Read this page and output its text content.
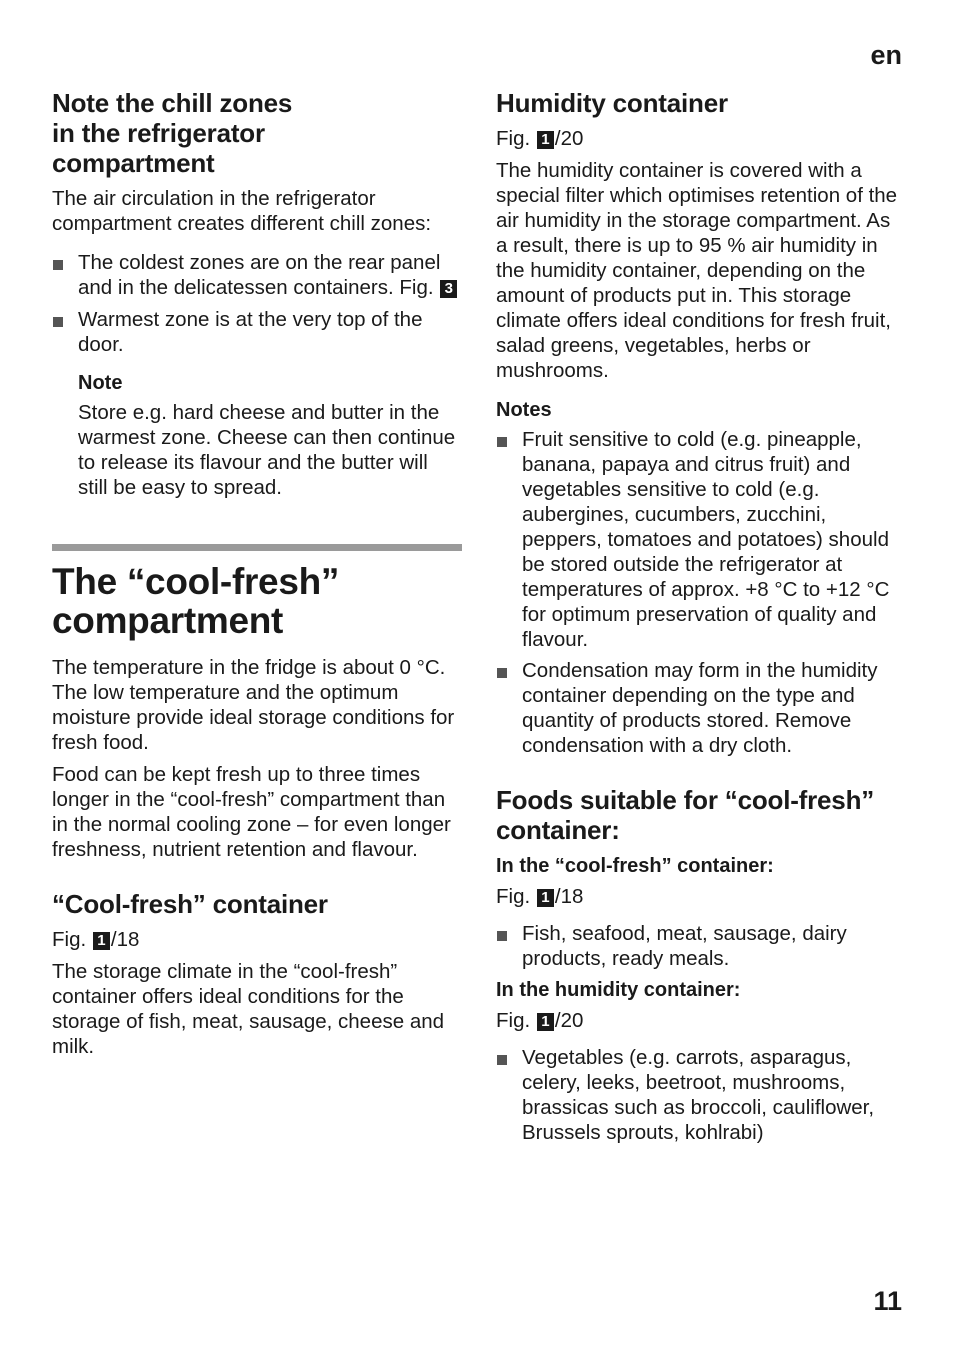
en
Note the chill zones
in the refrigerator
compartment

The air circulation in the refrigerator compartment creates different chill zones:

The coldest zones are on the rear panel and in the delicatessen containers. Fig. 3
Warmest zone is at the very top of the door.
Note

Store e.g. hard cheese and butter in the warmest zone. Cheese can then continue to release its flavour and the butter will still be easy to spread.

The “cool-fresh”
compartment

The temperature in the fridge is about 0 °C. The low temperature and the optimum moisture provide ideal storage conditions for fresh food.

Food can be kept fresh up to three times longer in the “cool-fresh” compartment than in the normal cooling zone – for even longer freshness, nutrient retention and flavour.

“Cool-fresh” container

Fig. 1 /18

The storage climate in the “cool-fresh” container offers ideal conditions for the storage of fish, meat, sausage, cheese and milk.

Humidity container

Fig. 1 /20

The humidity container is covered with a special filter which optimises retention of the air humidity in the storage compartment. As a result, there is up to 95 % air humidity in the humidity container, depending on the amount of products put in. This storage climate offers ideal conditions for fresh fruit, salad greens, vegetables, herbs or mushrooms.

Notes
Fruit sensitive to cold (e.g. pineapple, banana, papaya and citrus fruit) and vegetables sensitive to cold (e.g. aubergines, cucumbers, zucchini, peppers, tomatoes and potatoes) should be stored outside the refrigerator at temperatures of approx. +8 °C to +12 °C for optimum preservation of quality and flavour.
Condensation may form in the humidity container depending on the type and quantity of products stored. Remove condensation with a dry cloth.
Foods suitable for “cool-fresh”
container:
In the “cool-fresh” container:

Fig. 1 /18

Fish, seafood, meat, sausage, dairy products, ready meals.
In the humidity container:

Fig. 1 /20

Vegetables (e.g. carrots, asparagus, celery, leeks, beetroot, mushrooms, brassicas such as broccoli, cauliflower, Brussels sprouts, kohlrabi)
11
